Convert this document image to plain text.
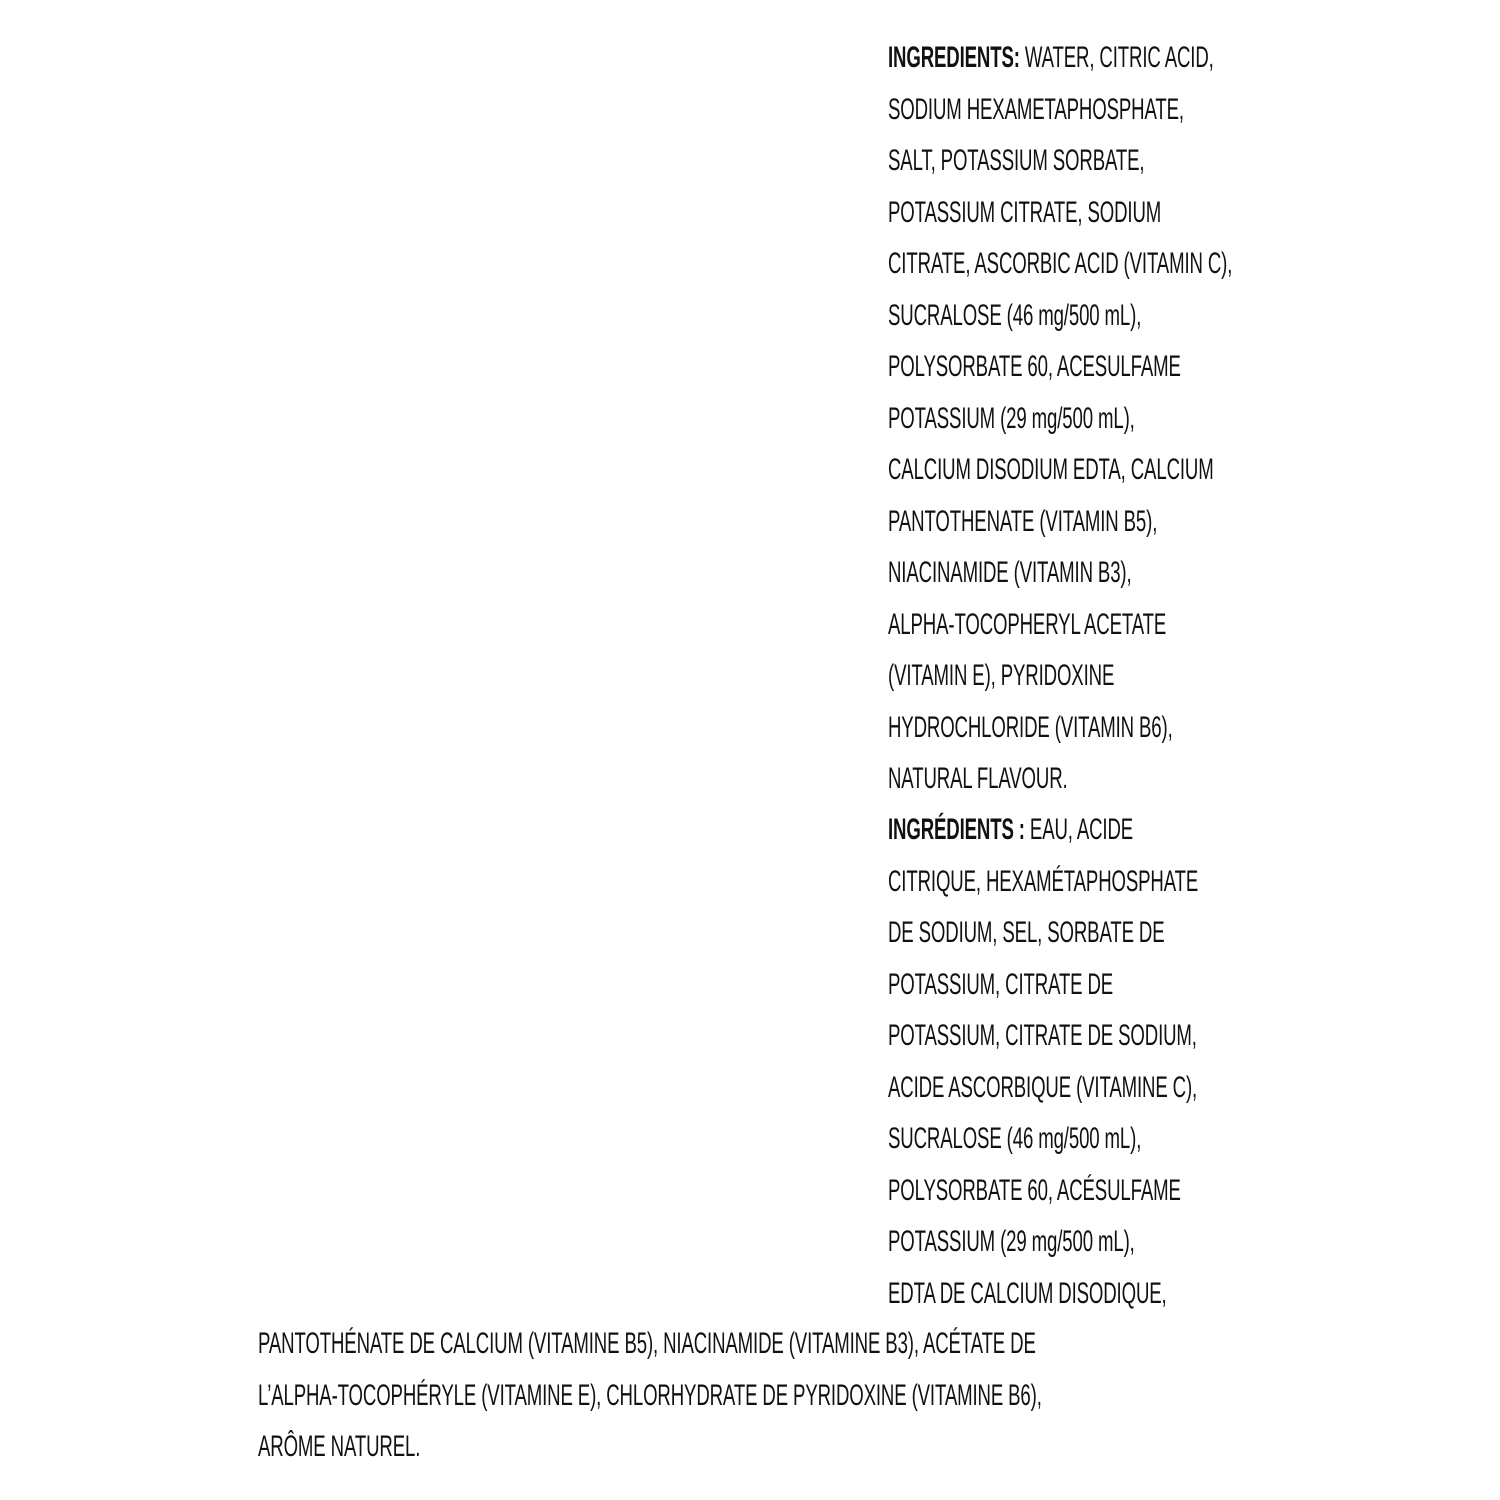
INGREDIENTS: WATER, CITRIC ACID,
SODIUM HEXAMETAPHOSPHATE,
SALT, POTASSIUM SORBATE,
POTASSIUM CITRATE, SODIUM
CITRATE, ASCORBIC ACID (VITAMIN C),
SUCRALOSE (46 mg/500 mL),
POLYSORBATE 60, ACESULFAME
POTASSIUM (29 mg/500 mL),
CALCIUM DISODIUM EDTA, CALCIUM
PANTOTHENATE (VITAMIN B5),
NIACINAMIDE (VITAMIN B3),
ALPHA-TOCOPHERYL ACETATE
(VITAMIN E), PYRIDOXINE
HYDROCHLORIDE (VITAMIN B6),
NATURAL FLAVOUR.
INGRÉDIENTS : EAU, ACIDE
CITRIQUE, HEXAMÉTAPHOSPHATE
DE SODIUM, SEL, SORBATE DE
POTASSIUM, CITRATE DE
POTASSIUM, CITRATE DE SODIUM,
ACIDE ASCORBIQUE (VITAMINE C),
SUCRALOSE (46 mg/500 mL),
POLYSORBATE 60, ACÉSULFAME
POTASSIUM (29 mg/500 mL),
EDTA DE CALCIUM DISODIQUE,
PANTOTHÉNATE DE CALCIUM (VITAMINE B5), NIACINAMIDE (VITAMINE B3), ACÉTATE DE
L’ALPHA-TOCOPHÉRYLE (VITAMINE E), CHLORHYDRATE DE PYRIDOXINE (VITAMINE B6),
ARÔME NATUREL.
